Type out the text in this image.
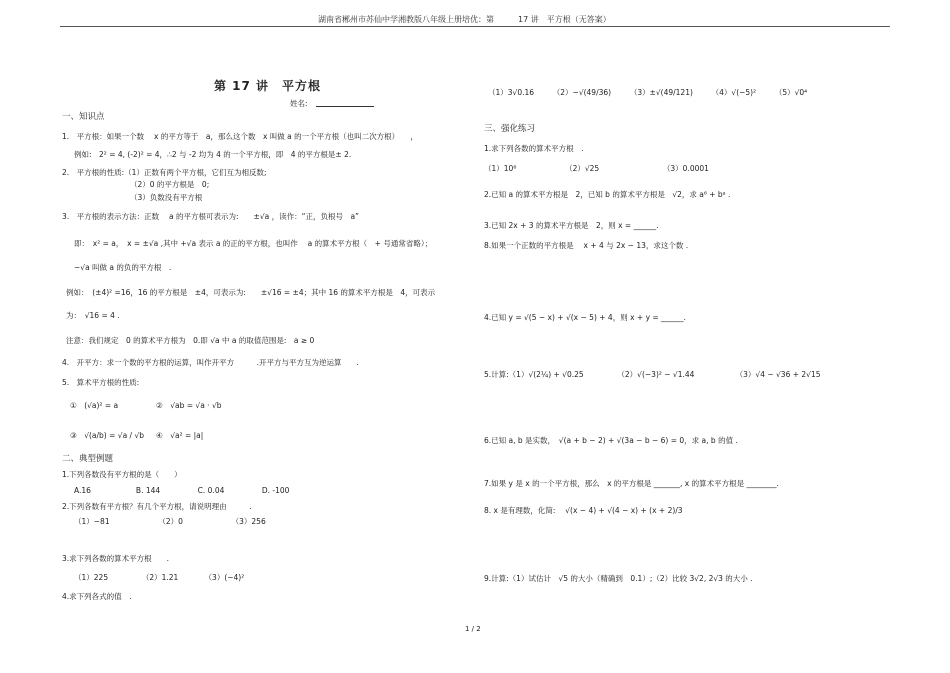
湖南省郴州市苏仙中学湘教版八年级上册培优：第　　　17 讲　平方根（无答案）
第 17 讲　平方根
姓名:
一、知识点
1.　平方根：如果一个数　 x 的平方等于　a，那么这个数　x 叫做 a 的一个平方根（也叫二次方根）　　，
例如:　2² = 4, (-2)² = 4，∴2 与 -2 均为 4 的一个平方根，即　4 的平方根是± 2.
2.　平方根的性质:（1）正数有两个平方根，它们互为相反数;
（2）0 的平方根是　0;
（3）负数没有平方根
3.　平方根的表示方法：正数　 a 的平方根可表示为:　　±√a ，读作：“正，负根号　a”
即：　x² = a，　x = ±√a ,其中 +√a 表示 a 的正的平方根，也叫作　 a 的算术平方根（　+ 号通常省略）；
−√a 叫做 a 的负的平方根　.
例如：　(±4)² =16，16 的平方根是　±4，可表示为:　　±√16 = ±4；其中 16 的算术平方根是　4，可表示
为：　√16 = 4 .
注意：我们规定　0 的算术平方根为　0.即 √a 中 a 的取值范围是:　a ≥ 0
4.　开平方：求一个数的平方根的运算，叫作开平方　　　.开平方与平方互为逆运算　　.
5.　算术平方根的性质:
①　(√a)² = a	②　√ab = √a · √b
③　√(a/b) = √a / √b ④　√a² = |a|
二、典型例题
1.下列各数没有平方根的是（　　）
A.16　　　　　　B. 144　　　　　C. 0.04　　　　　D. -100
2.下列各数有平方根？有几个平方根，请说明理由　　　.
（1）−81　　　　　　　（2）0　　　　　　　（3）256
3.求下列各数的算术平方根　　.
（1）225　　　　　（2）1.21　　　　（3）(−4)²
4.求下列各式的值　.
（1）3√0.16　　　（2）−√(49/36)　　　（3）±√(49/121)　　　（4）√(−5)²　　　（5）√0⁴
三、强化练习
1.求下列各数的算术平方根　.
（1）10⁶　　　　　　　（2）√25　　　　　　　　　（3）0.0001
2.已知 a 的算术平方根是　2，已知 b 的算术平方根是　√2，求 a⁶ + bᵃ .
3.已知 2x + 3 的算术平方根是　2，则 x = ______.
8.如果一个正数的平方根是　 x + 4 与 2x − 13，求这个数 .
4.已知 y = √(5 − x) + √(x − 5) + 4，则 x + y = ______.
5.计算:（1）√(2¼) + √0.25　　　　　（2）√(−3)² − √1.44　　　　　　（3）√4 − √36 + 2√15
6.已知 a, b 是实数，　√(a + b − 2) + √(3a − b − 6) = 0，求 a, b 的值 .
7.如果 y 是 x 的一个平方根，那么　x 的平方根是 _______, x 的算术平方根是 ________.
8. x 是有理数，化简:　 √(x − 4) + √(4 − x) + (x + 2)/3
9.计算:（1）试估计　√5 的大小（精确到　0.1）;（2）比较 3√2, 2√3 的大小 .
1 / 2
